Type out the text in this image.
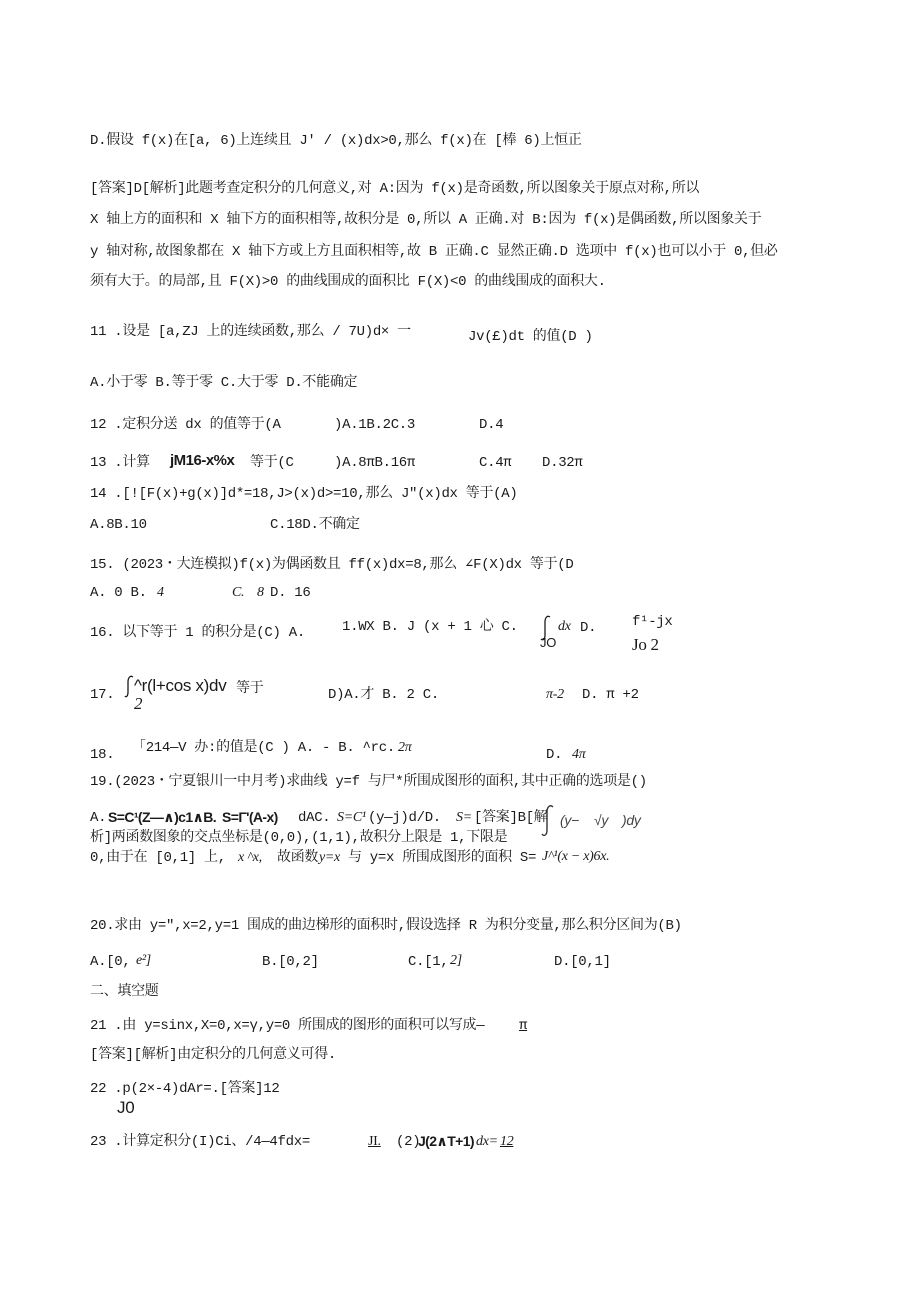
D.假设 f(x)在[a, 6)上连续且 J' / (x)dx>0,那么 f(x)在 [棒 6)上恒正
[答案]D[解析]此题考查定积分的几何意义,对 A:因为 f(x)是奇函数,所以图象关于原点对称,所以
X 轴上方的面积和 X 轴下方的面积相等,故积分是 0,所以 A 正确.对 B:因为 f(x)是偶函数,所以图象关于
y 轴对称,故图象都在 X 轴下方或上方且面积相等,故 B 正确.C 显然正确.D 选项中 f(x)也可以小于 0,但必
须有大于。的局部,且 F(X)>0 的曲线围成的面积比 F(X)<0 的曲线围成的面积大.
11 .设是 [a,ZJ 上的连续函数,那么 / 7U)d× 一	Jv(£)dt 的值(D )
A.小于零 B.等于零 C.大于零 D.不能确定
12 .定积分送 dx 的值等于(A	)A.1B.2C.3	D.4
13 .计算 jM16-x%x 等于(C	)A.8πB.16π	C.4π D.32π
14 .[![F(x)+g(x)]d*=18,J>(x)d>=10,那么 J"(x)dx 等于(A)
A.8B.10	C.18D.不确定
15. (2023・大连模拟)f(x)为偶函数且 ff(x)dx=8,那么 ∠F(X)dx 等于(D
A. 0 B. 4	C. 8 D. 16
16. 以下等于 1 的积分是(C) A.	1.WX B. J (x + 1 心 C.	dx D.
JO
f¹-jx
Jo 2
17. ^r(l+cos x)dv 等于
2	D)A.才 B. 2 C.	π-2 D. π +2
18. 「214—V 办:的值是(C ) A. - B. ^rc. 2π	D. 4π
19.(2023・宁夏银川一中月考)求曲线 y=f 与尸*所围成图形的面积,其中正确的选项是()
A. S=C¹(Z—∧)c1∧B. S=Γ'(A-x) dAC. S=C¹ (y—j)d/D. S= [答案]B[解 (y− √y )dy
析]两函数图象的交点坐标是(0,0),(1,1),故积分上限是 1,下限是
0,由于在 [0,1] 上, x ^x, 故函数 y=x 与 y=x 所围成图形的面积 S= J^¹(x − x)6x.
20.求由 y=",x=2,y=1 围成的曲边梯形的面积时,假设选择 R 为积分变量,那么积分区间为(B)
A.[0, e²]	B.[0,2]	C.[1, 2]	D.[0,1]
二、填空题
21 .由 y=sinx,X=0,x=γ,y=0 所围成的图形的面积可以写成— π
[答案][解析]由定积分的几何意义可得.
22 .p(2×-4)dAr=.[答案]12
J0
23 .计算定积分(I)Ci、/4—4fdx=	JI. (2)
J(2∧T+1) dx= 12
